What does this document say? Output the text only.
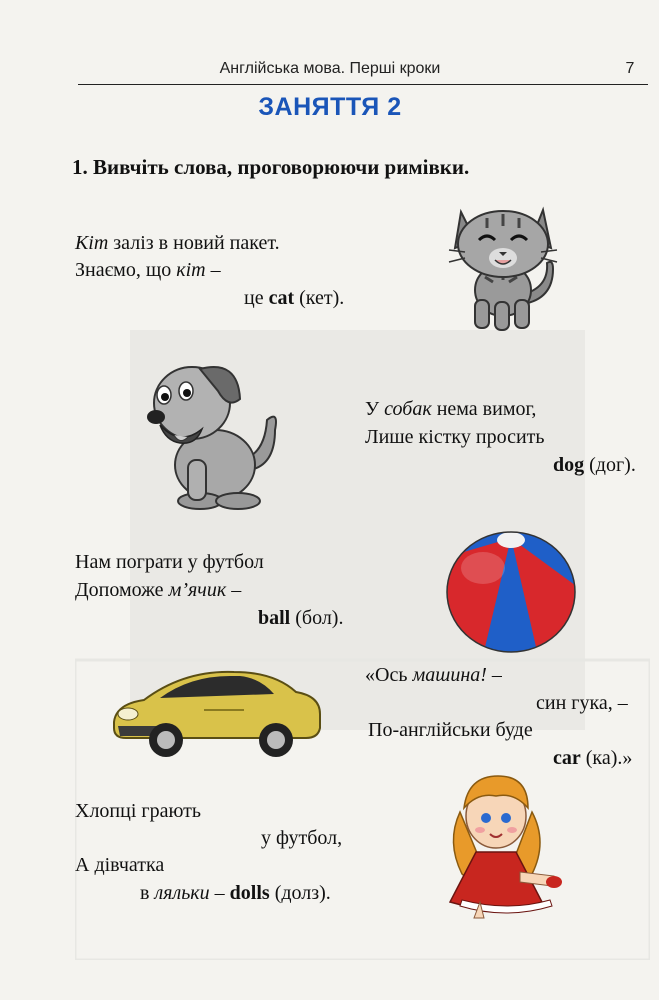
Англійська мова. Перші кроки	7
ЗАНЯТТЯ 2
1. Вивчіть слова, проговорюючи римівки.
Кіт заліз в новий пакет.
Знаємо, що кіт –
це cat (кет).
У собак нема вимог,
Лише кістку просить
dog (дог).
Нам пограти у футбол
Допоможе м’ячик –
ball (бол).
«Ось машина! –
син гука, –
По-англійськи буде
car (ка).»
Хлопці грають
у футбол,
А дівчатка
в ляльки – dolls (долз).
